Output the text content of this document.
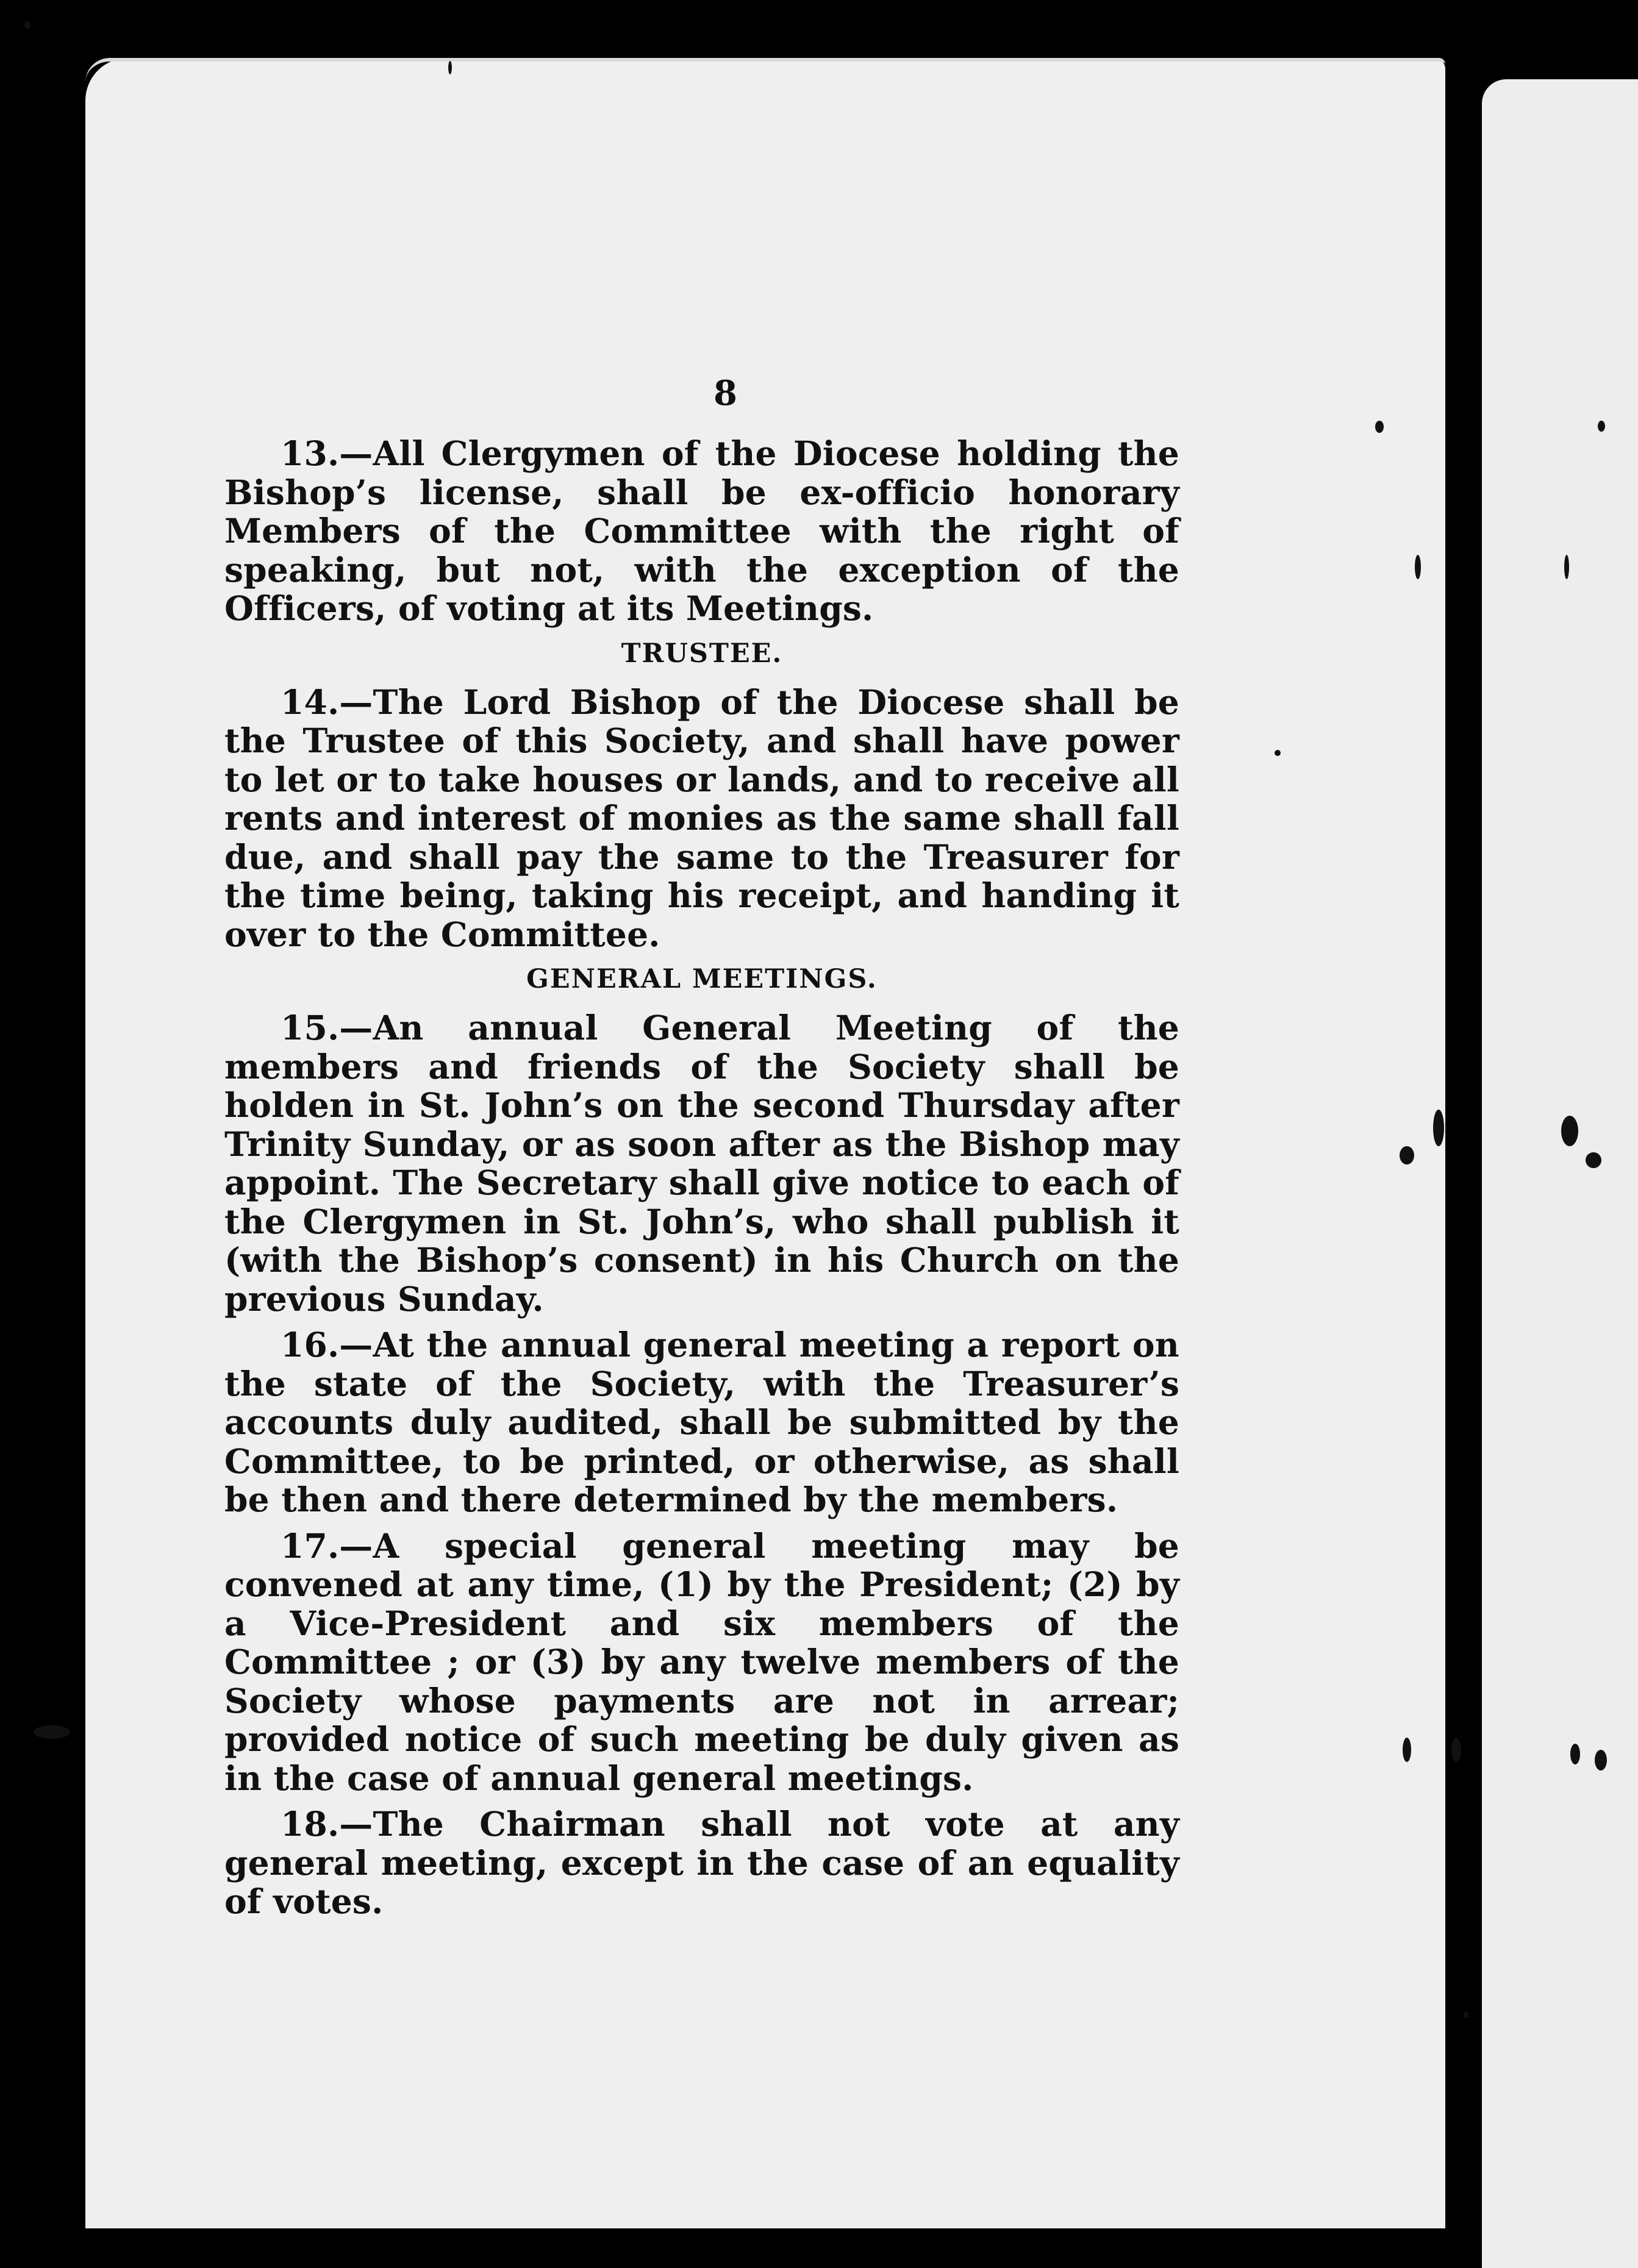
8

13.—All Clergymen of the Diocese holding the Bishop’s license, shall be ex-officio honorary Members of the Committee with the right of speaking, but not, with the exception of the Officers, of voting at its Meetings.

TRUSTEE.

14.—The Lord Bishop of the Diocese shall be the Trustee of this Society, and shall have power to let or to take houses or lands, and to receive all rents and interest of monies as the same shall fall due, and shall pay the same to the Treasurer for the time being, taking his receipt, and handing it over to the Committee.

GENERAL MEETINGS.

15.—An annual General Meeting of the members and friends of the Society shall be holden in St. John’s on the second Thursday after Trinity Sunday, or as soon after as the Bishop may appoint. The Secretary shall give notice to each of the Clergymen in St. John’s, who shall publish it (with the Bishop’s consent) in his Church on the previous Sunday.

16.—At the annual general meeting a report on the state of the Society, with the Treasurer’s accounts duly audited, shall be submitted by the Committee, to be printed, or otherwise, as shall be then and there determined by the members.

17.—A special general meeting may be convened at any time, (1) by the President; (2) by a Vice-President and six members of the Committee ; or (3) by any twelve members of the Society whose payments are not in arrear; provided notice of such meeting be duly given as in the case of annual general meetings.

18.—The Chairman shall not vote at any general meeting, except in the case of an equality of votes.
